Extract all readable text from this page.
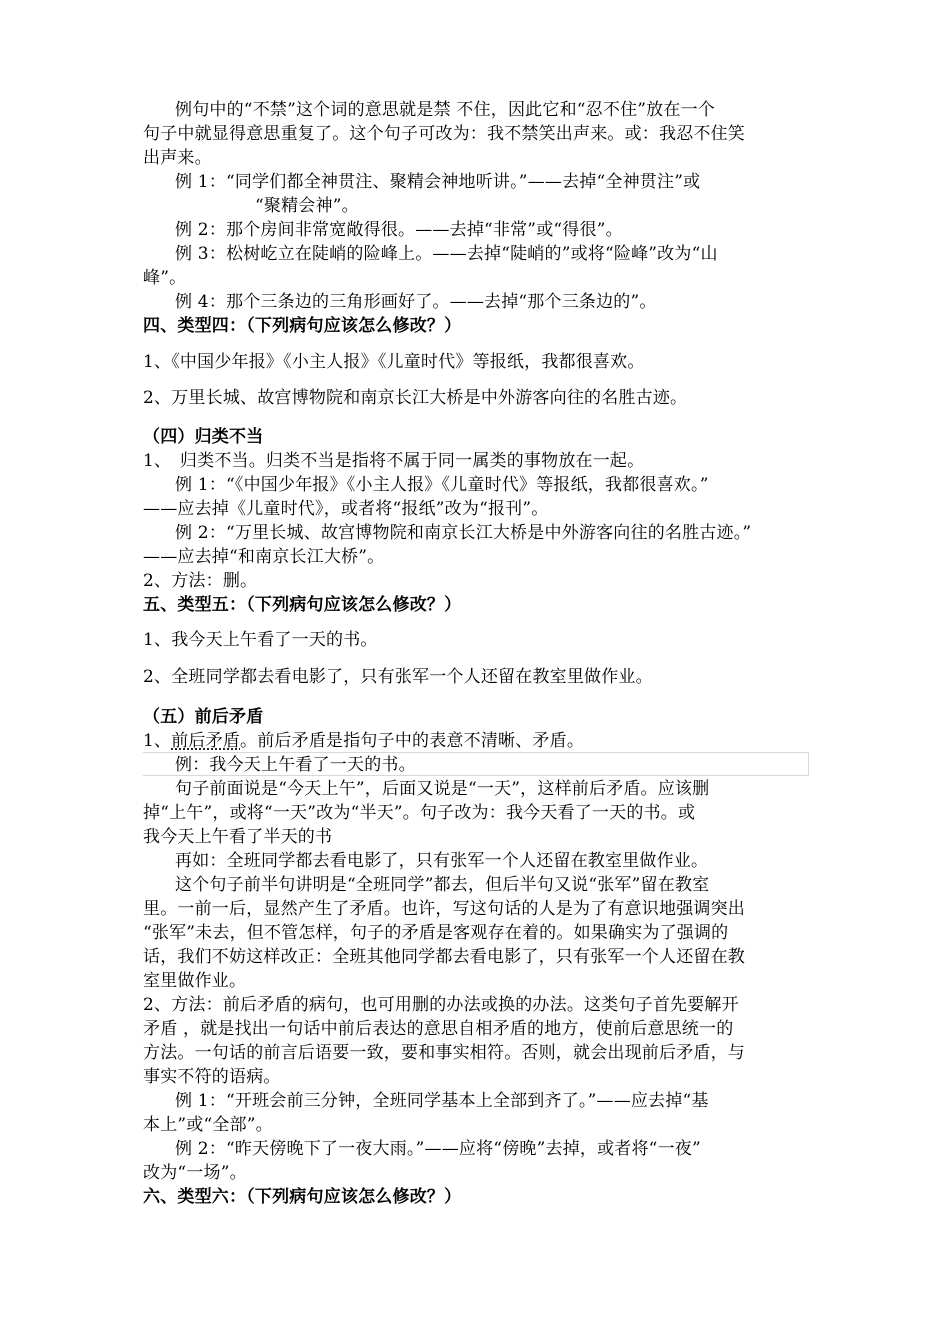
例句中的“不禁”这个词的意思就是禁 不住，因此它和“忍不住”放在一个
句子中就显得意思重复了。这个句子可改为：我不禁笑出声来。或：我忍不住笑
出声来。
例 1：“同学们都全神贯注、聚精会神地听讲。”——去掉“全神贯注”或
“聚精会神”。
例 2：那个房间非常宽敞得很。——去掉“非常”或“得很”。
例 3：松树屹立在陡峭的险峰上。——去掉“陡峭的”或将“险峰”改为“山
峰”。
例 4：那个三条边的三角形画好了。——去掉“那个三条边的”。
四、类型四：（下列病句应该怎么修改？）
1、《中国少年报》《小主人报》《儿童时代》等报纸，我都很喜欢。
2、万里长城、故宫博物院和南京长江大桥是中外游客向往的名胜古迹。
（四）归类不当
1、　归类不当。归类不当是指将不属于同一属类的事物放在一起。
例 1：“《中国少年报》《小主人报》《儿童时代》等报纸，我都很喜欢。”
——应去掉《儿童时代》，或者将“报纸”改为“报刊”。
例 2：“万里长城、故宫博物院和南京长江大桥是中外游客向往的名胜古迹。”
——应去掉“和南京长江大桥”。
2、方法：删。
五、类型五：（下列病句应该怎么修改？）
1、我今天上午看了一天的书。
2、全班同学都去看电影了，只有张军一个人还留在教室里做作业。
（五）前后矛盾
1、前后矛盾。前后矛盾是指句子中的表意不清晰、矛盾。
例：我今天上午看了一天的书。
句子前面说是“今天上午”，后面又说是“一天”，这样前后矛盾。应该删
掉“上午”，或将“一天”改为“半天”。句子改为：我今天看了一天的书。或
我今天上午看了半天的书
再如：全班同学都去看电影了，只有张军一个人还留在教室里做作业。
这个句子前半句讲明是“全班同学”都去，但后半句又说“张军”留在教室
里。一前一后，显然产生了矛盾。也许，写这句话的人是为了有意识地强调突出
“张军”未去，但不管怎样，句子的矛盾是客观存在着的。如果确实为了强调的
话，我们不妨这样改正：全班其他同学都去看电影了，只有张军一个人还留在教
室里做作业。
2、方法：前后矛盾的病句，也可用删的办法或换的办法。这类句子首先要解开
矛盾 ，就是找出一句话中前后表达的意思自相矛盾的地方，使前后意思统一的
方法。一句话的前言后语要一致，要和事实相符。否则，就会出现前后矛盾，与
事实不符的语病。
例 1：“开班会前三分钟，全班同学基本上全部到齐了。”——应去掉“基
本上”或“全部”。
例 2：“昨天傍晚下了一夜大雨。”——应将“傍晚”去掉，或者将“一夜”
改为“一场”。
六、类型六：（下列病句应该怎么修改？）
